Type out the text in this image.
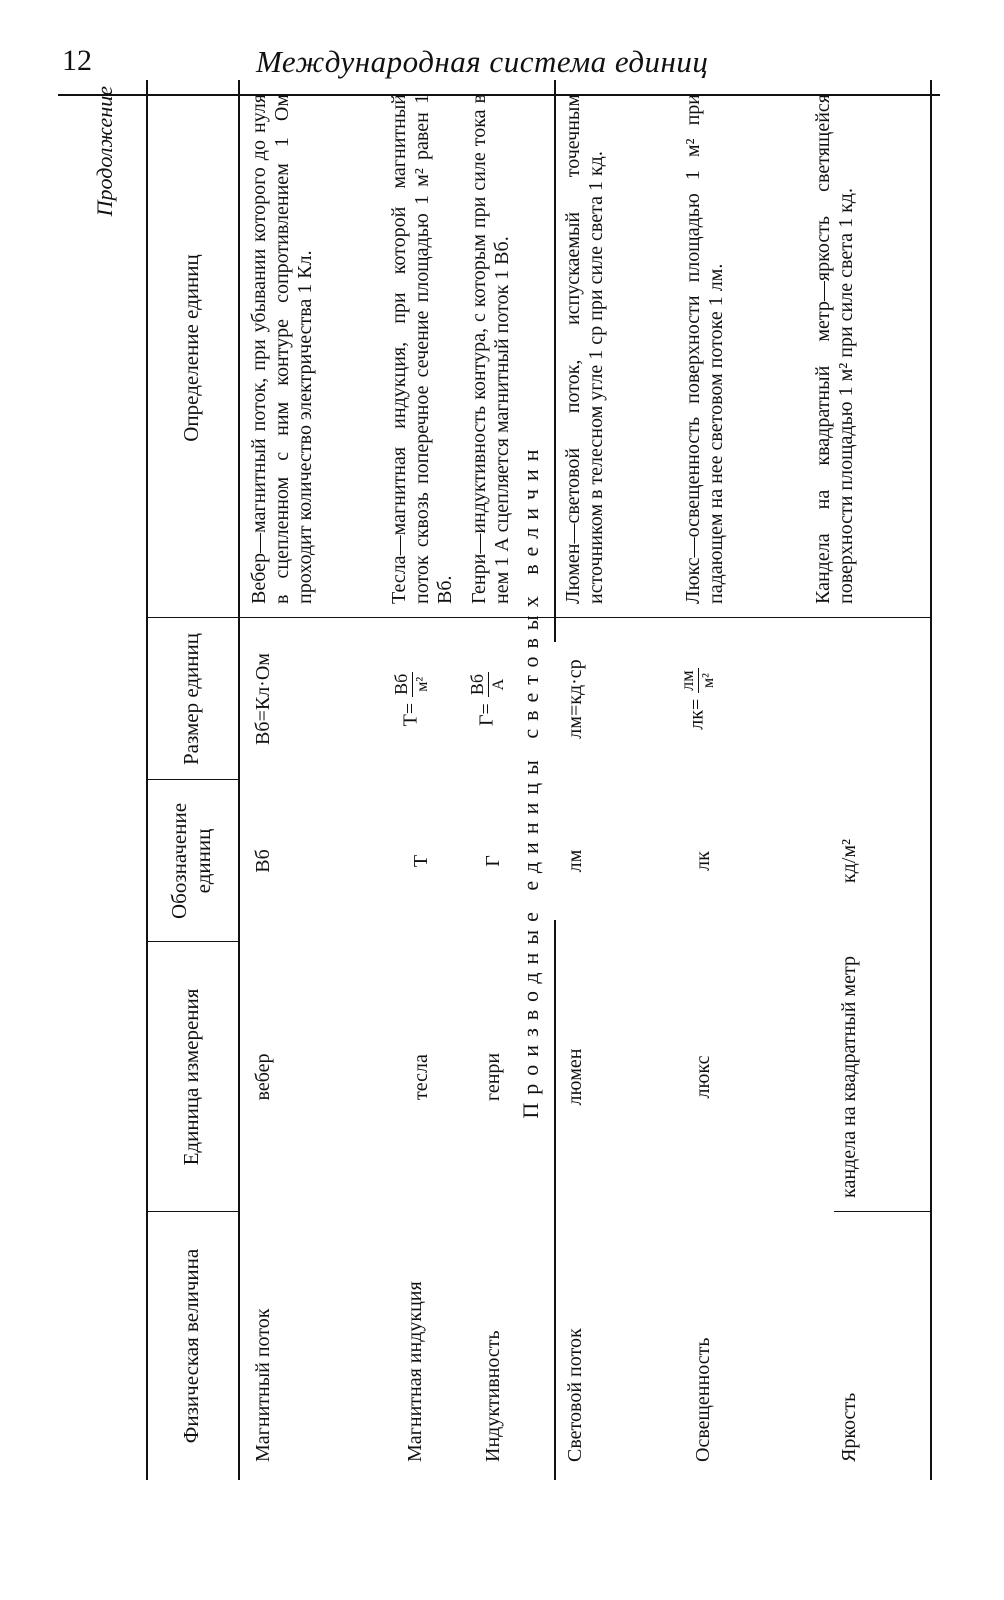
12	Международная система единиц
Продолжение
Физическая величина
Единица измерения
Обозначение единиц
Размер единиц
Определение единиц
Магнитный поток
вебер
Вб
Вб=Кл·Ом
Вебер—магнитный поток, при убывании которого до нуля в сцепленном с ним контуре сопротивлением 1 Ом проходит количество электричества 1 Кл.
Магнитная индукция
тесла
Т
Т=
Вб м²
Тесла—магнитная индукция, при которой магнитный поток сквозь поперечное сечение площадью 1 м² равен 1 Вб.
Индуктивность
генри
Г
Г=
Вб А
Генри—индуктивность контура, с которым при силе тока в нем 1 А сцепляется магнитный поток 1 Вб.
Производные единицы световых величин
Световой поток
люмен
лм
лм=кд·ср
Люмен—световой поток, испускаемый точечным источником в телесном угле 1 ср при силе света 1 кд.
Освещенность
люкс
лк
лк=
лм м²
Люкс—освещенность поверхности площадью 1 м² при падающем на нее световом потоке 1 лм.
Яркость
кандела на квадратный метр
кд/м²
Кандела на квадратный метр—яркость светящейся поверхности площадью 1 м² при силе света 1 кд.
